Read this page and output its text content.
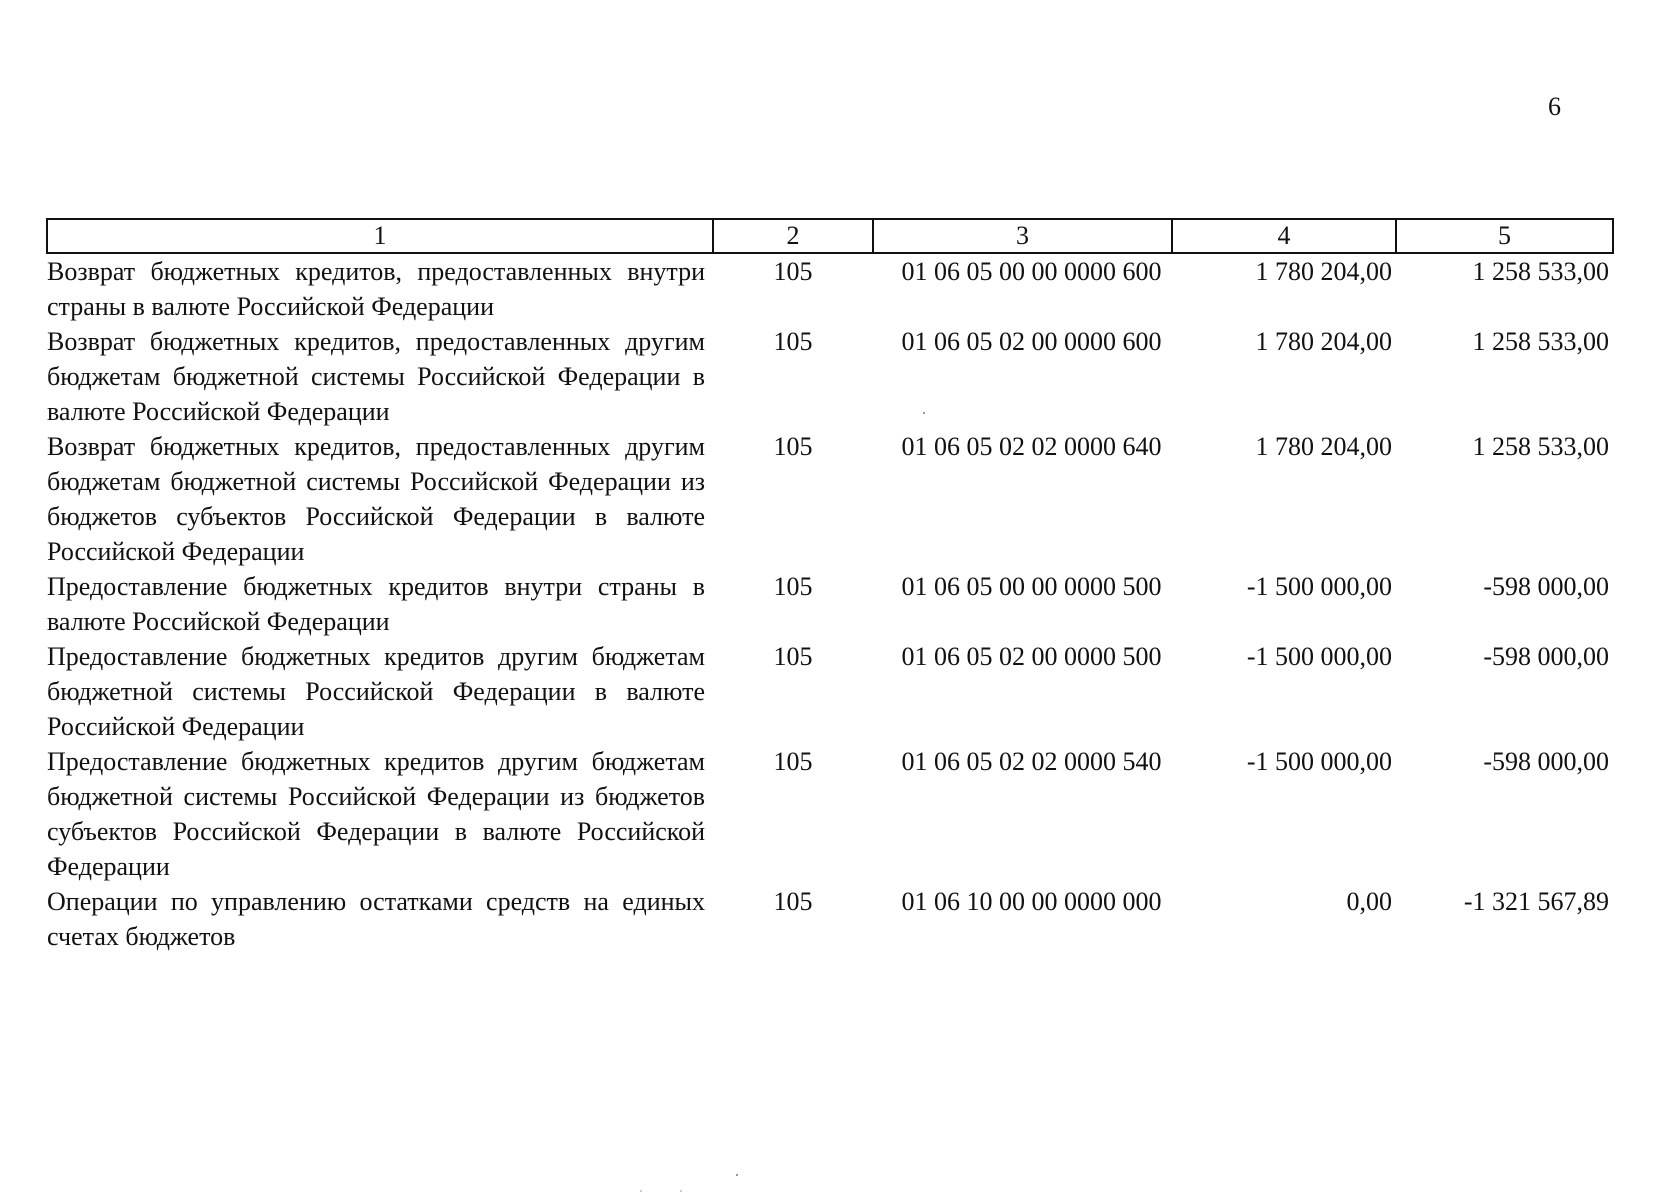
6
1	2	3	4	5
Возврат бюджетных кредитов, предоставленных внутри страны в валюте Российской Федерации	105	01 06 05 00 00 0000 600	1 780 204,00	1 258 533,00
Возврат бюджетных кредитов, предоставленных другим бюджетам бюджетной системы Российской Федерации в валюте Российской Федерации	105	01 06 05 02 00 0000 600	1 780 204,00	1 258 533,00
Возврат бюджетных кредитов, предоставленных другим бюджетам бюджетной системы Российской Федерации из бюджетов субъектов Российской Федерации в валюте Российской Федерации	105	01 06 05 02 02 0000 640	1 780 204,00	1 258 533,00
Предоставление бюджетных кредитов внутри страны в валюте Российской Федерации	105	01 06 05 00 00 0000 500	-1 500 000,00	-598 000,00
Предоставление бюджетных кредитов другим бюджетам бюджетной системы Российской Федерации в валюте Российской Федерации	105	01 06 05 02 00 0000 500	-1 500 000,00	-598 000,00
Предоставление бюджетных кредитов другим бюджетам бюджетной системы Российской Федерации из бюджетов субъектов Российской Федерации в валюте Российской Федерации	105	01 06 05 02 02 0000 540	-1 500 000,00	-598 000,00
Операции по управлению остатками средств на единых счетах бюджетов	105	01 06 10 00 00 0000 000	0,00	-1 321 567,89
